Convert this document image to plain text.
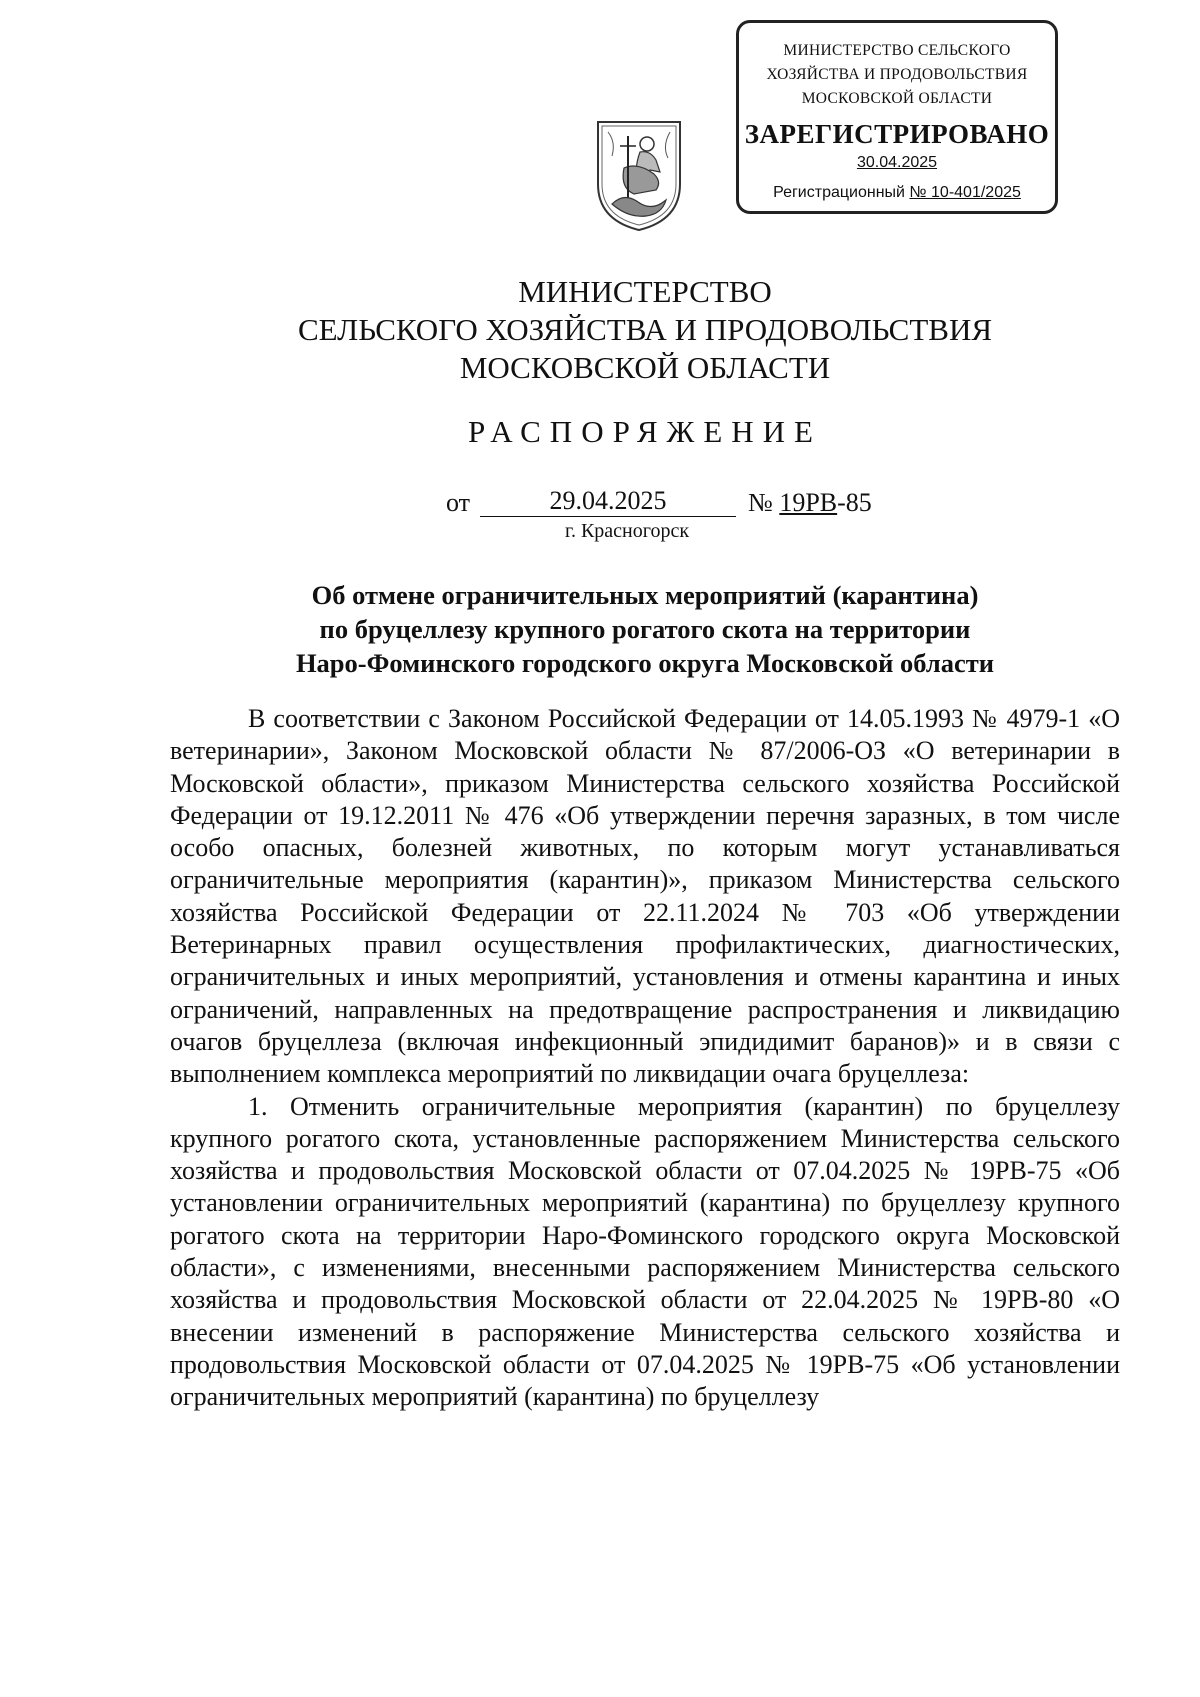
МИНИСТЕРСТВО СЕЛЬСКОГО
ХОЗЯЙСТВА И ПРОДОВОЛЬСТВИЯ
МОСКОВСКОЙ ОБЛАСТИ
ЗАРЕГИСТРИРОВАНО
30.04.2025
Регистрационный № 10-401/2025
МИНИСТЕРСТВО
СЕЛЬСКОГО ХОЗЯЙСТВА И ПРОДОВОЛЬСТВИЯ
МОСКОВСКОЙ ОБЛАСТИ
РАСПОРЯЖЕНИЕ
от	29.04.2025	№ 19РВ-85
г. Красногорск
Об отмене ограничительных мероприятий (карантина)
по бруцеллезу крупного рогатого скота на территории
Наро-Фоминского городского округа Московской области

В соответствии с Законом Российской Федерации от 14.05.1993 № 4979-1 «О ветеринарии», Законом Московской области № 87/2006-ОЗ «О ветеринарии в Московской области», приказом Министерства сельского хозяйства Российской Федерации от 19.12.2011 № 476 «Об утверждении перечня заразных, в том числе особо опасных, болезней животных, по которым могут устанавливаться ограничительные мероприятия (карантин)», приказом Министерства сельского хозяйства Российской Федерации от 22.11.2024 № 703 «Об утверждении Ветеринарных правил осуществления профилактических, диагностических, ограничительных и иных мероприятий, установления и отмены карантина и иных ограничений, направленных на предотвращение распространения и ликвидацию очагов бруцеллеза (включая инфекционный эпидидимит баранов)» и в связи с выполнением комплекса мероприятий по ликвидации очага бруцеллеза:

1. Отменить ограничительные мероприятия (карантин) по бруцеллезу крупного рогатого скота, установленные распоряжением Министерства сельского хозяйства и продовольствия Московской области от 07.04.2025 № 19РВ-75 «Об установлении ограничительных мероприятий (карантина) по бруцеллезу крупного рогатого скота на территории Наро-Фоминского городского округа Московской области», с изменениями, внесенными распоряжением Министерства сельского хозяйства и продовольствия Московской области от 22.04.2025 № 19РВ-80 «О внесении изменений в распоряжение Министерства сельского хозяйства и продовольствия Московской области от 07.04.2025 № 19РВ-75 «Об установлении ограничительных мероприятий (карантина) по бруцеллезу
